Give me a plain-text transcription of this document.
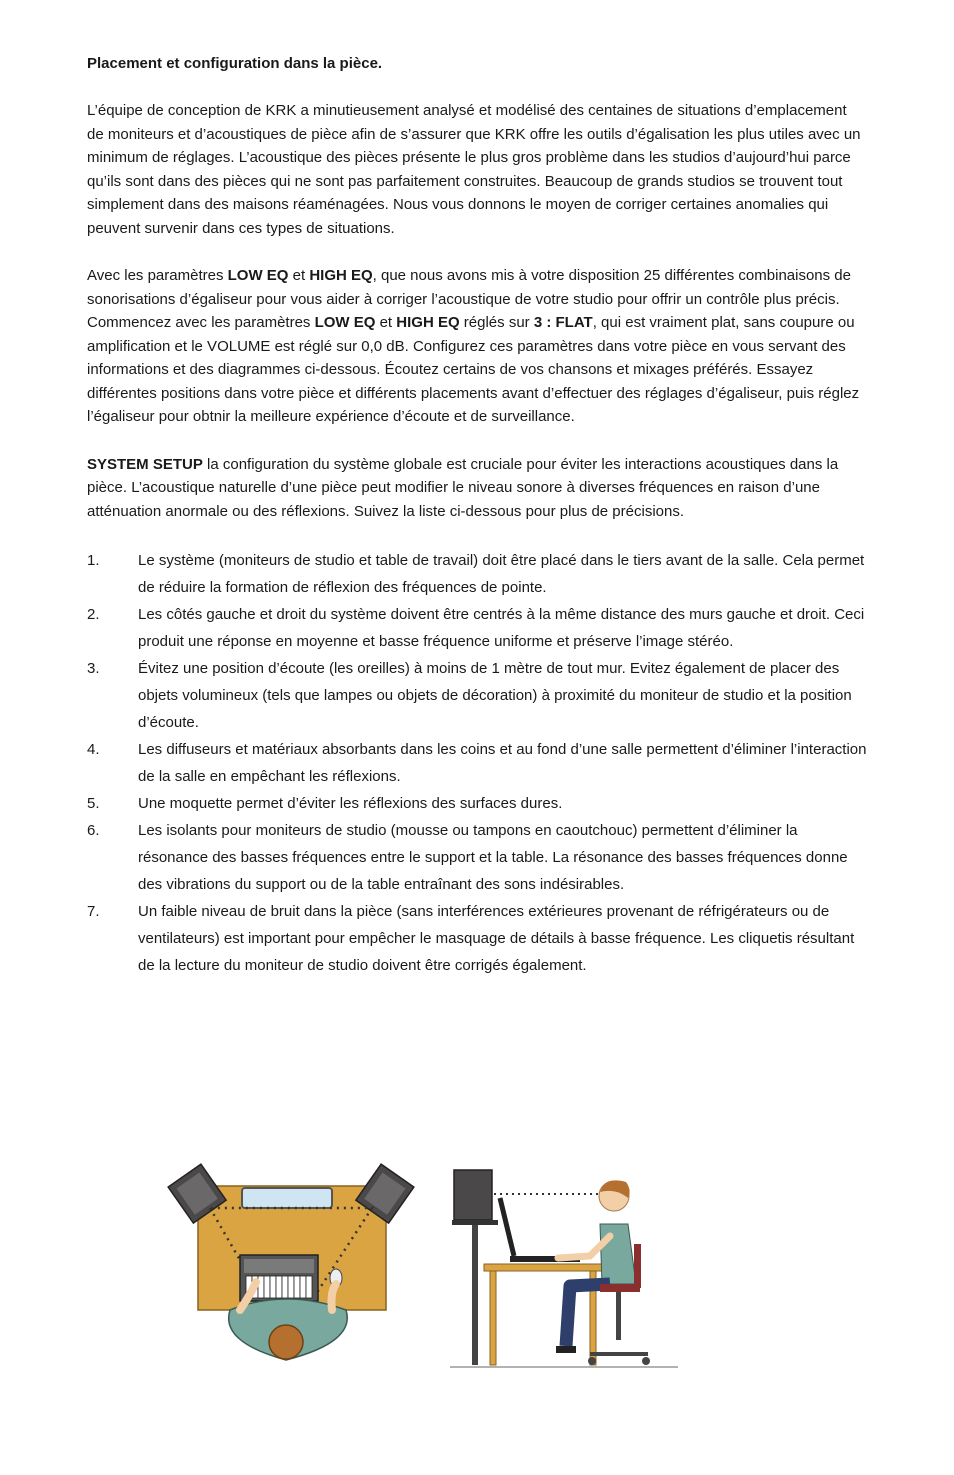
Placement et configuration dans la pièce.

L’équipe de conception de KRK a minutieusement analysé et modélisé des centaines de situations d’emplacement de moniteurs et d’acoustiques de pièce afin de s’assurer que KRK offre les outils d’égalisation les plus utiles avec un minimum de réglages. L’acoustique des pièces présente le plus gros problème dans les studios d’aujourd’hui parce qu’ils sont dans des pièces qui ne sont pas parfaitement construites. Beaucoup de grands studios se trouvent tout simplement dans des maisons réaménagées. Nous vous donnons le moyen de corriger certaines anomalies qui peuvent survenir dans ces types de situations.

Avec les paramètres LOW EQ et HIGH EQ, que nous avons mis à votre disposition 25 différentes combinaisons de sonorisations d’égaliseur pour vous aider à corriger l’acoustique de votre studio pour offrir un contrôle plus précis. Commencez avec les paramètres LOW EQ et HIGH EQ réglés sur 3 : FLAT, qui est vraiment plat, sans coupure ou amplification et le VOLUME est réglé sur 0,0 dB. Configurez ces paramètres dans votre pièce en vous servant des informations et des diagrammes ci-dessous. Écoutez certains de vos chansons et mixages préférés. Essayez différentes positions dans votre pièce et différents placements avant d’effectuer des réglages d’égaliseur, puis réglez l’égaliseur pour obtnir la meilleure expérience d’écoute et de surveillance.

SYSTEM SETUP la configuration du système globale est cruciale pour éviter les interactions acoustiques dans la pièce. L’acoustique naturelle d’une pièce peut modifier le niveau sonore à diverses fréquences en raison d’une atténuation anormale ou des réflexions. Suivez la liste ci-dessous pour plus de précisions.

1.	Le système (moniteurs de studio et table de travail) doit être placé dans le tiers avant de la salle. Cela permet de réduire la formation de réflexion des fréquences de pointe.
2.	Les côtés gauche et droit du système doivent être centrés à la même distance des murs gauche et droit. Ceci produit une réponse en moyenne et basse fréquence uniforme et préserve l’image stéréo.
3.	Évitez une position d’écoute (les oreilles) à moins de 1 mètre de tout mur. Evitez également de placer des objets volumineux (tels que lampes ou objets de décoration) à proximité du moniteur de studio et la position d’écoute.
4.	Les diffuseurs et matériaux absorbants dans les coins et au fond d’une salle permettent d’éliminer l’interaction de la salle en empêchant les réflexions.
5.	Une moquette permet d’éviter les réflexions des surfaces dures.
6.	Les isolants pour moniteurs de studio (mousse ou tampons en caoutchouc) permettent d’éliminer la résonance des basses fréquences entre le support et la table. La résonance des basses fréquences donne des vibrations du support ou de la table entraînant des sons indésirables.
7.	Un faible niveau de bruit dans la pièce (sans interférences extérieures provenant de réfrigérateurs ou de ventilateurs) est important pour empêcher le masquage de détails à basse fréquence. Les cliquetis résultant de la lecture du moniteur de studio doivent être corrigés également.
